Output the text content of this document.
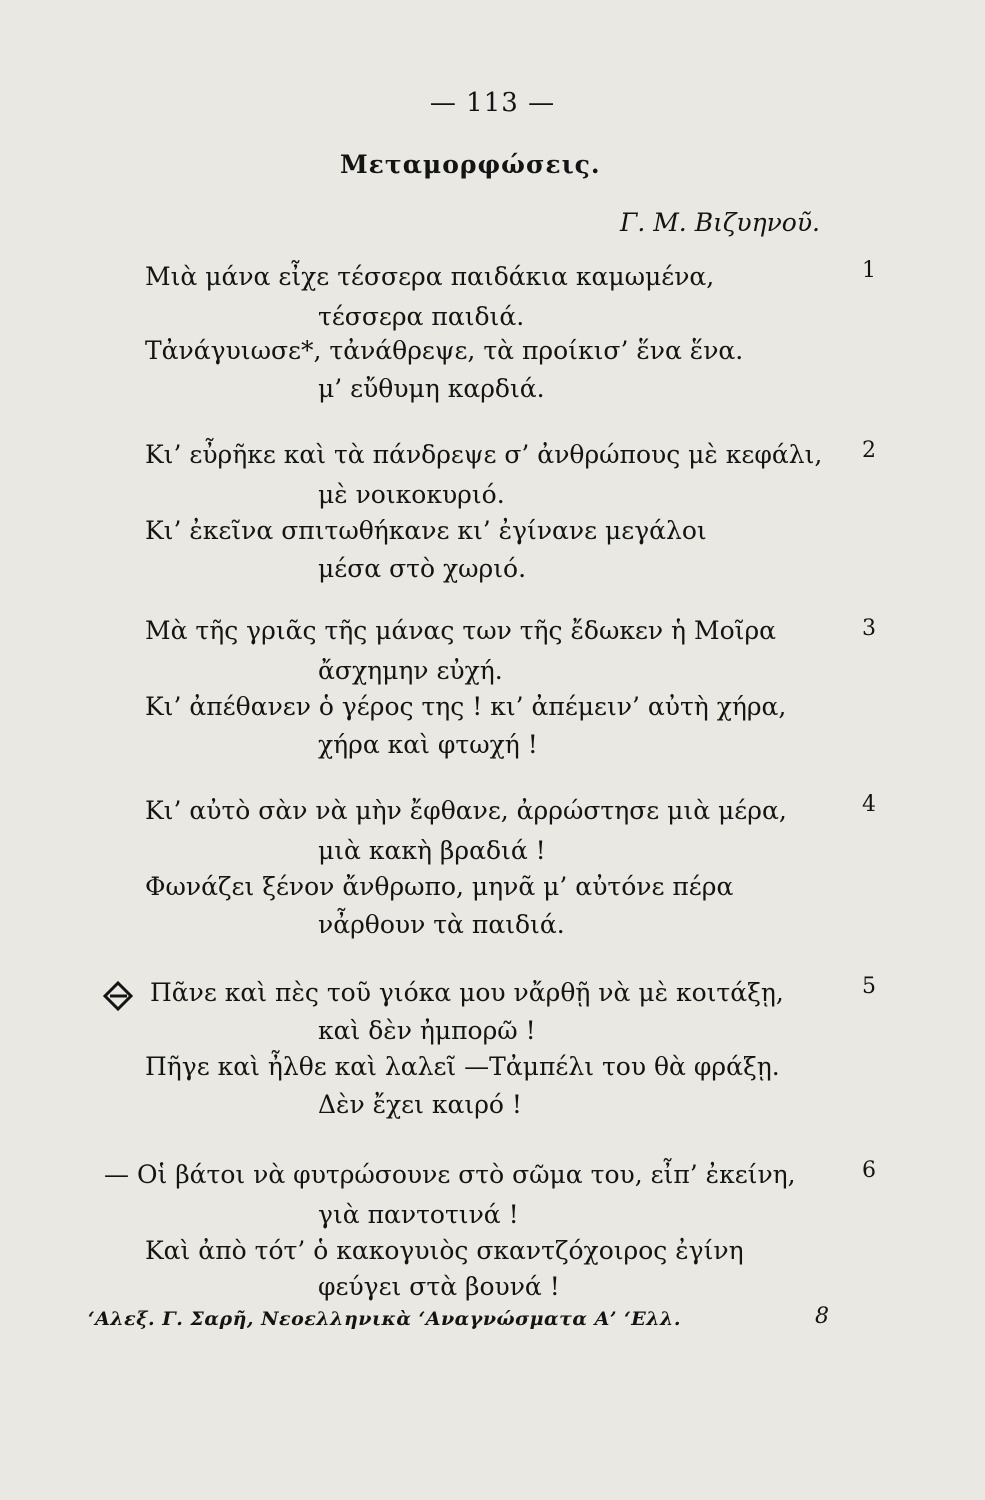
— 113 —
Μεταμορφώσεις.
Γ. Μ. Βιζυηνοῦ.
1
Μιὰ μάνα εἶχε τέσσερα παιδάκια καμωμένα,
τέσσερα παιδιά.
Τἀνάγυιωσε*, τἀνάθρεψε, τὰ προίκισ’ ἕνα ἕνα.
μ’ εὔθυμη καρδιά.
2
Κι’ εὖρῆκε καὶ τὰ πάνδρεψε σ’ ἀνθρώπους μὲ κεφάλι,
μὲ νοικοκυριό.
Κι’ ἐκεῖνα σπιτωθήκανε κι’ ἐγίνανε μεγάλοι
μέσα στὸ χωριό.
3
Μὰ τῆς γριᾶς τῆς μάνας των τῆς ἔδωκεν ἡ Μοῖρα
ἄσχημην εὐχή.
Κι’ ἀπέθανεν ὁ γέρος της ! κι’ ἀπέμειν’ αὐτὴ χήρα,
χήρα καὶ φτωχή !
4
Κι’ αὐτὸ σὰν νὰ μὴν ἔφθανε, ἀρρώστησε μιὰ μέρα,
μιὰ κακὴ βραδιά !
Φωνάζει ξένον ἄνθρωπο, μηνᾶ μ’ αὐτόνε πέρα
νἆρθουν τὰ παιδιά.
5
Πᾶνε καὶ πὲς τοῦ γιόκα μου νἄρθῇ νὰ μὲ κοιτάξῃ,
καὶ δὲν ἠμπορῶ !
Πῆγε καὶ ἦλθε καὶ λαλεῖ —Τἀμπέλι του θὰ φράξῃ.
Δὲν ἔχει καιρό !
6
— Οἱ βάτοι νὰ φυτρώσουνε στὸ σῶμα του, εἶπ’ ἐκείνη,
γιὰ παντοτινά !
Καὶ ἀπὸ τότ’ ὁ κακογυιὸς σκαντζόχοιρος ἐγίνη
φεύγει στὰ βουνά !
‘Αλεξ. Γ. Σαρῆ, Νεοελληνικὰ ‘Αναγνώσματα Α’ ‘Ελλ.	8
